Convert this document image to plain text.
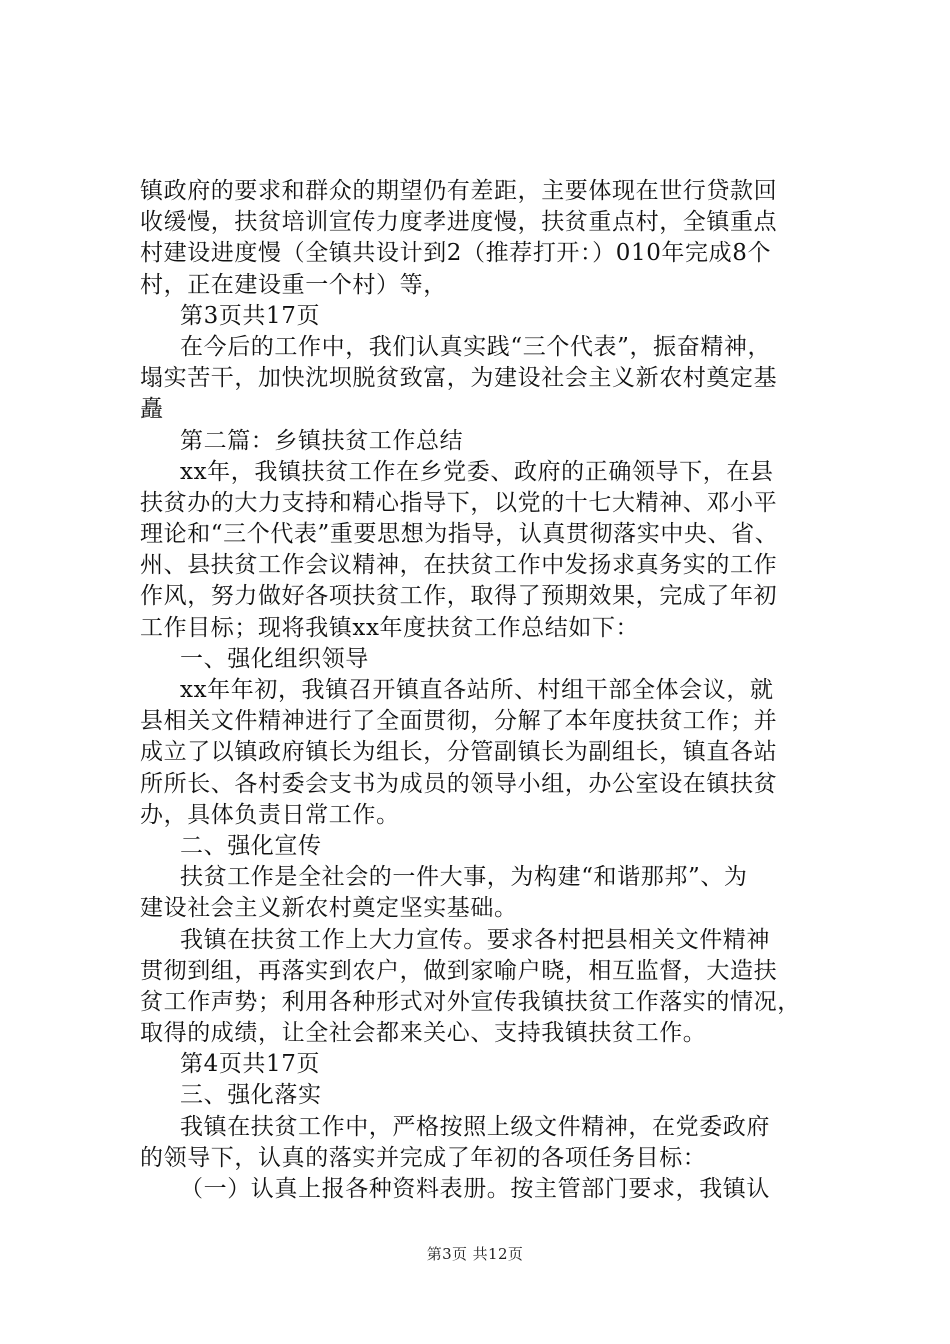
镇政府的要求和群众的期望仍有差距，主要体现在世行贷款回
收缓慢，扶贫培训宣传力度孝进度慢，扶贫重点村，全镇重点
村建设进度慢（全镇共设计到2（推荐打开：）010年完成8个
村，正在建设重一个村）等，
第3页共17页
在今后的工作中，我们认真实践“三个代表”，振奋精神，
塌实苦干，加快沈坝脱贫致富，为建设社会主义新农村奠定基
矗
第二篇：乡镇扶贫工作总结
xx年，我镇扶贫工作在乡党委、政府的正确领导下，在县
扶贫办的大力支持和精心指导下，以党的十七大精神、邓小平
理论和“三个代表”重要思想为指导，认真贯彻落实中央、省、
州、县扶贫工作会议精神，在扶贫工作中发扬求真务实的工作
作风，努力做好各项扶贫工作，取得了预期效果，完成了年初
工作目标；现将我镇xx年度扶贫工作总结如下：
一、强化组织领导
xx年年初，我镇召开镇直各站所、村组干部全体会议，就
县相关文件精神进行了全面贯彻，分解了本年度扶贫工作；并
成立了以镇政府镇长为组长，分管副镇长为副组长，镇直各站
所所长、各村委会支书为成员的领导小组，办公室设在镇扶贫
办，具体负责日常工作。
二、强化宣传
扶贫工作是全社会的一件大事，为构建“和谐那邦”、为
建设社会主义新农村奠定坚实基础。
我镇在扶贫工作上大力宣传。要求各村把县相关文件精神
贯彻到组，再落实到农户，做到家喻户晓，相互监督，大造扶
贫工作声势；利用各种形式对外宣传我镇扶贫工作落实的情况，
取得的成绩，让全社会都来关心、支持我镇扶贫工作。
第4页共17页
三、强化落实
我镇在扶贫工作中，严格按照上级文件精神，在党委政府
的领导下，认真的落实并完成了年初的各项任务目标：
（一）认真上报各种资料表册。按主管部门要求，我镇认
第3页 共12页
